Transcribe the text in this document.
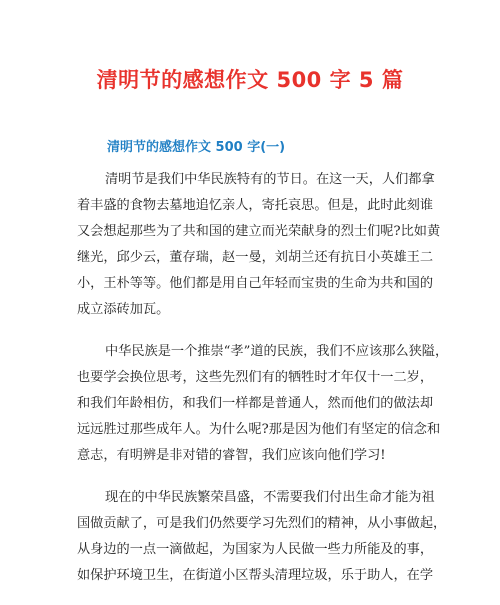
清明节的感想作文 500 字 5 篇
清明节的感想作文 500 字(一)
清明节是我们中华民族特有的节日。在这一天，人们都拿
着丰盛的食物去墓地追忆亲人，寄托哀思。但是，此时此刻谁
又会想起那些为了共和国的建立而光荣献身的烈士们呢?比如黄
继光，邱少云，董存瑞，赵一曼，刘胡兰还有抗日小英雄王二
小，王朴等等。他们都是用自己年轻而宝贵的生命为共和国的
成立添砖加瓦。
中华民族是一个推崇“孝”道的民族，我们不应该那么狭隘，
也要学会换位思考，这些先烈们有的牺牲时才年仅十一二岁，
和我们年龄相仿，和我们一样都是普通人，然而他们的做法却
远远胜过那些成年人。为什么呢?那是因为他们有坚定的信念和
意志，有明辨是非对错的睿智，我们应该向他们学习!
现在的中华民族繁荣昌盛，不需要我们付出生命才能为祖
国做贡献了，可是我们仍然要学习先烈们的精神，从小事做起，
从身边的一点一滴做起，为国家为人民做一些力所能及的事，
如保护环境卫生，在街道小区帮头清理垃圾，乐于助人，在学
